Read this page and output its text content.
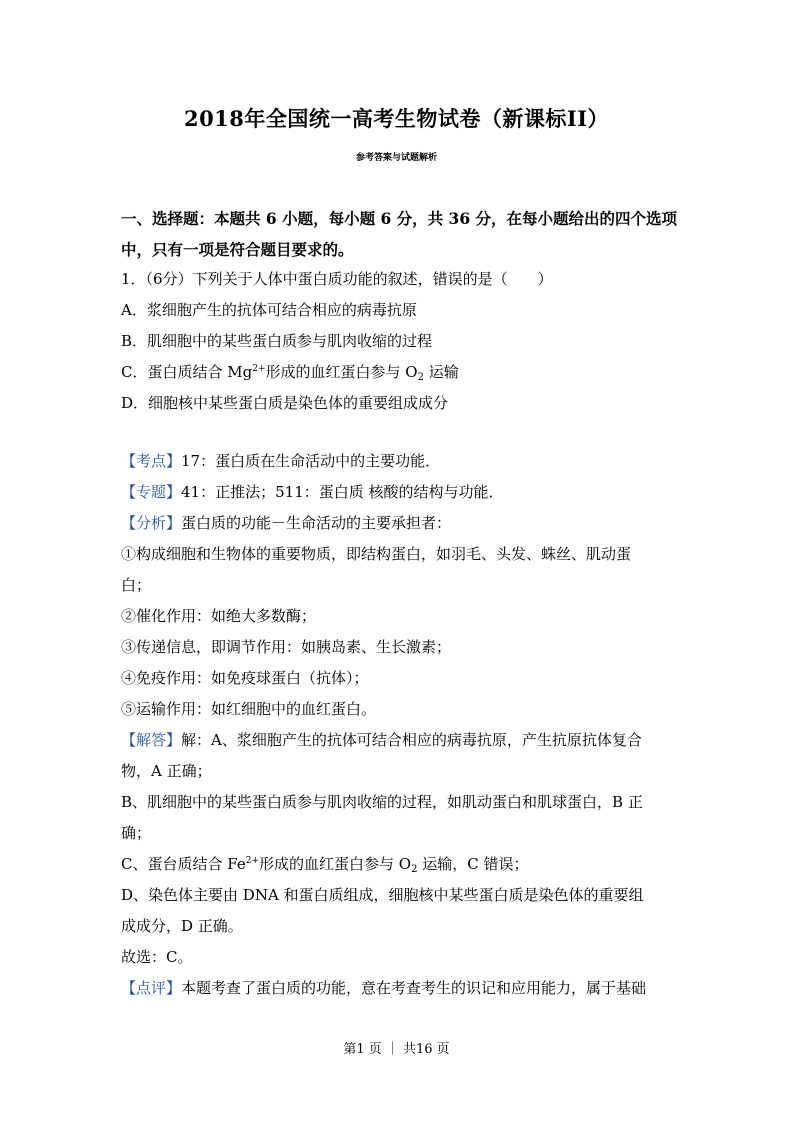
2018年全国统一高考生物试卷（新课标II）
参考答案与试题解析
一、选择题：本题共 6 小题，每小题 6 分，共 36 分，在每小题给出的四个选项
中，只有一项是符合题目要求的。
1．（6分）下列关于人体中蛋白质功能的叙述，错误的是（　　）
A．浆细胞产生的抗体可结合相应的病毒抗原
B．肌细胞中的某些蛋白质参与肌肉收缩的过程
C．蛋白质结合 $Mg^{2+}$形成的血红蛋白参与 $O_2$ 运输
D．细胞核中某些蛋白质是染色体的重要组成成分
【考点】17：蛋白质在生命活动中的主要功能．
【专题】41：正推法；511：蛋白质 核酸的结构与功能．
【分析】蛋白质的功能－生命活动的主要承担者：
①构成细胞和生物体的重要物质，即结构蛋白，如羽毛、头发、蛛丝、肌动蛋
白；
②催化作用：如绝大多数酶；
③传递信息，即调节作用：如胰岛素、生长激素；
④免疫作用：如免疫球蛋白（抗体）；
⑤运输作用：如红细胞中的血红蛋白。
【解答】解：A、浆细胞产生的抗体可结合相应的病毒抗原，产生抗原抗体复合
物，A 正确；
B、肌细胞中的某些蛋白质参与肌肉收缩的过程，如肌动蛋白和肌球蛋白，B 正
确；
C、蛋台质结合 $Fe^{2+}$形成的血红蛋白参与 $O_2$ 运输，C 错误；
D、染色体主要由 DNA 和蛋白质组成，细胞核中某些蛋白质是染色体的重要组
成成分，D 正确。
故选：C。
【点评】本题考查了蛋白质的功能，意在考查考生的识记和应用能力，属于基础
第1 页 ｜ 共16 页
